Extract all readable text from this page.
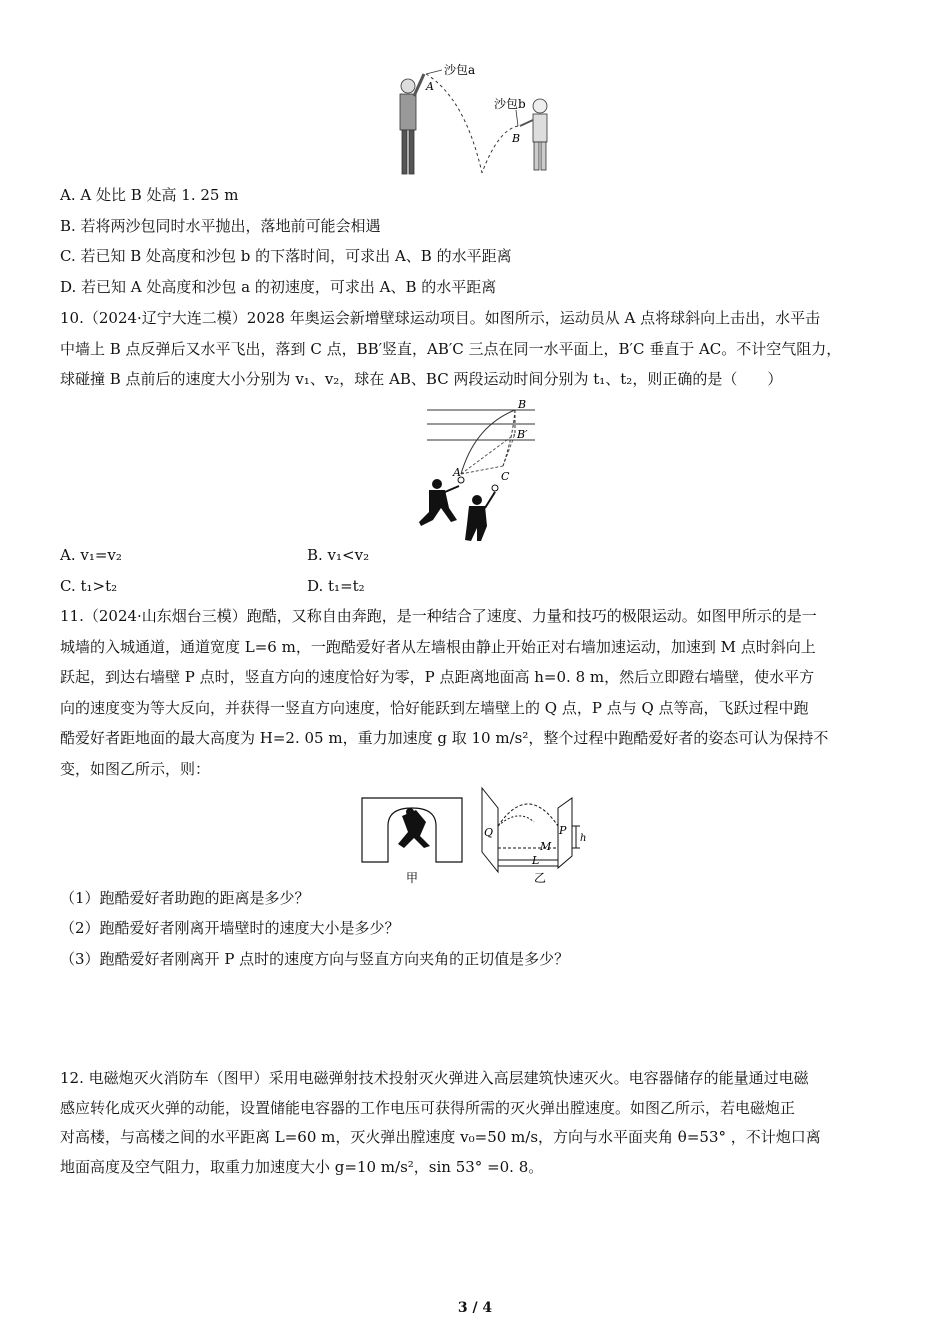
沙包a
沙包b
A
B
A. A 处比 B 处高 1. 25 m
B. 若将两沙包同时水平抛出，落地前可能会相遇
C. 若已知 B 处高度和沙包 b 的下落时间，可求出 A、B 的水平距离
D. 若已知 A 处高度和沙包 a 的初速度，可求出 A、B 的水平距离
10.（2024·辽宁大连二模）2028 年奥运会新增壁球运动项目。如图所示，运动员从 A 点将球斜向上击出，水平击
中墙上 B 点反弹后又水平飞出，落到 C 点，BB′竖直，AB′C 三点在同一水平面上，B′C 垂直于 AC。不计空气阻力，
球碰撞 B 点前后的速度大小分别为 v₁、v₂，球在 AB、BC 两段运动时间分别为 t₁、t₂，则正确的是（　　）
B
B′
A	C
A. v₁=v₂	B. v₁<v₂
C. t₁>t₂	D. t₁=t₂
11.（2024·山东烟台三模）跑酷，又称自由奔跑，是一种结合了速度、力量和技巧的极限运动。如图甲所示的是一
城墙的入城通道，通道宽度 L=6 m，一跑酷爱好者从左墙根由静止开始正对右墙加速运动，加速到 M 点时斜向上
跃起，到达右墙壁 P 点时，竖直方向的速度恰好为零，P 点距离地面高 h=0. 8 m，然后立即蹬右墙壁，使水平方
向的速度变为等大反向，并获得一竖直方向速度，恰好能跃到左墙壁上的 Q 点，P 点与 Q 点等高，飞跃过程中跑
酷爱好者距地面的最大高度为 H=2. 05 m，重力加速度 g 取 10 m/s²，整个过程中跑酷爱好者的姿态可认为保持不
变，如图乙所示，则：
甲
Q	P
M
L
h
乙
（1）跑酷爱好者助跑的距离是多少？
（2）跑酷爱好者刚离开墙壁时的速度大小是多少？
（3）跑酷爱好者刚离开 P 点时的速度方向与竖直方向夹角的正切值是多少？
12. 电磁炮灭火消防车（图甲）采用电磁弹射技术投射灭火弹进入高层建筑快速灭火。电容器储存的能量通过电磁
感应转化成灭火弹的动能，设置储能电容器的工作电压可获得所需的灭火弹出膛速度。如图乙所示，若电磁炮正
对高楼，与高楼之间的水平距离 L=60 m，灭火弹出膛速度 v₀=50 m/s，方向与水平面夹角 θ=53° ，不计炮口离
地面高度及空气阻力，取重力加速度大小 g=10 m/s²，sin 53° =0. 8。
3 / 4
